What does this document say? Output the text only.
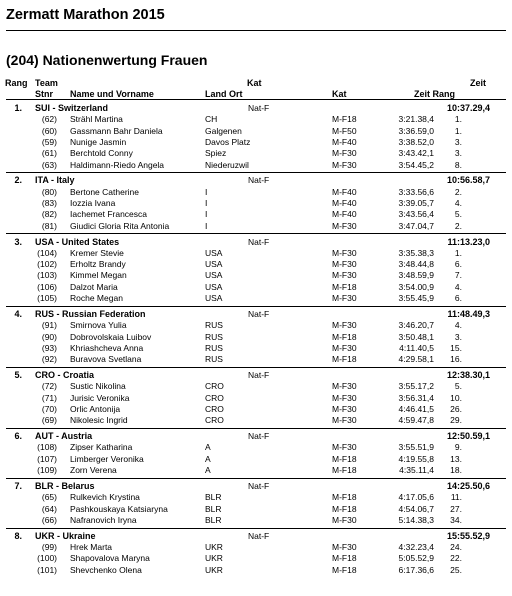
Zermatt Marathon 2015
(204) Nationenwertung Frauen
Rang Team	Kat	Zeit
Stnr Name und Vorname	Land Ort	Kat	Zeit Rang
1. SUI - Switzerland	Nat-F	10:37.29,4
(62) Strähl Martina	CH	M-F18	3:21.38,4	1.
(60) Gassmann Bahr Daniela	Galgenen	M-F50	3:36.59,0	1.
(59) Nunige Jasmin	Davos Platz	M-F40	3:38.52,0	3.
(61) Berchtold Conny	Spiez	M-F30	3:43.42,1	3.
(63) Haldimann-Riedo Angela	Niederuzwil	M-F30	3:54.45,2	8.
2. ITA - Italy	Nat-F	10:56.58,7
(80) Bertone Catherine	I	M-F40	3:33.56,6	2.
(83) Iozzia Ivana	I	M-F40	3:39.05,7	4.
(82) Iachemet Francesca	I	M-F40	3:43.56,4	5.
(81) Giudici Gloria Rita Antonia	I	M-F30	3:47.04,7	2.
3. USA - United States	Nat-F	11:13.23,0
(104) Kremer Stevie	USA	M-F30	3:35.38,3	1.
(102) Erholtz Brandy	USA	M-F30	3:48.44,8	6.
(103) Kimmel Megan	USA	M-F30	3:48.59,9	7.
(106) Dalzot Maria	USA	M-F18	3:54.00,9	4.
(105) Roche Megan	USA	M-F30	3:55.45,9	6.
4. RUS - Russian Federation	Nat-F	11:48.49,3
(91) Smirnova Yulia	RUS	M-F30	3:46.20,7	4.
(90) Dobrovolskaia Luibov	RUS	M-F18	3:50.48,1	3.
(93) Khriashcheva Anna	RUS	M-F30	4:11.40,5	15.
(92) Buravova Svetlana	RUS	M-F18	4:29.58,1	16.
5. CRO - Croatia	Nat-F	12:38.30,1
(72) Sustic Nikolina	CRO	M-F30	3:55.17,2	5.
(71) Jurisic Veronika	CRO	M-F30	3:56.31,4	10.
(70) Orlic Antonija	CRO	M-F30	4:46.41,5	26.
(69) Nikolesic Ingrid	CRO	M-F30	4:59.47,8	29.
6. AUT - Austria	Nat-F	12:50.59,1
(108) Zipser Katharina	A	M-F30	3:55.51,9	9.
(107) Limberger Veronika	A	M-F18	4:19.55,8	13.
(109) Zorn Verena	A	M-F18	4:35.11,4	18.
7. BLR - Belarus	Nat-F	14:25.50,6
(65) Rulkevich Krystina	BLR	M-F18	4:17.05,6	11.
(64) Pashkouskaya Katsiaryna	BLR	M-F18	4:54.06,7	27.
(66) Nafranovich Iryna	BLR	M-F30	5:14.38,3	34.
8. UKR - Ukraine	Nat-F	15:55.52,9
(99) Hrek Marta	UKR	M-F30	4:32.23,4	24.
(100) Shapovalova Maryna	UKR	M-F18	5:05.52,9	22.
(101) Shevchenko Olena	UKR	M-F18	6:17.36,6	25.
